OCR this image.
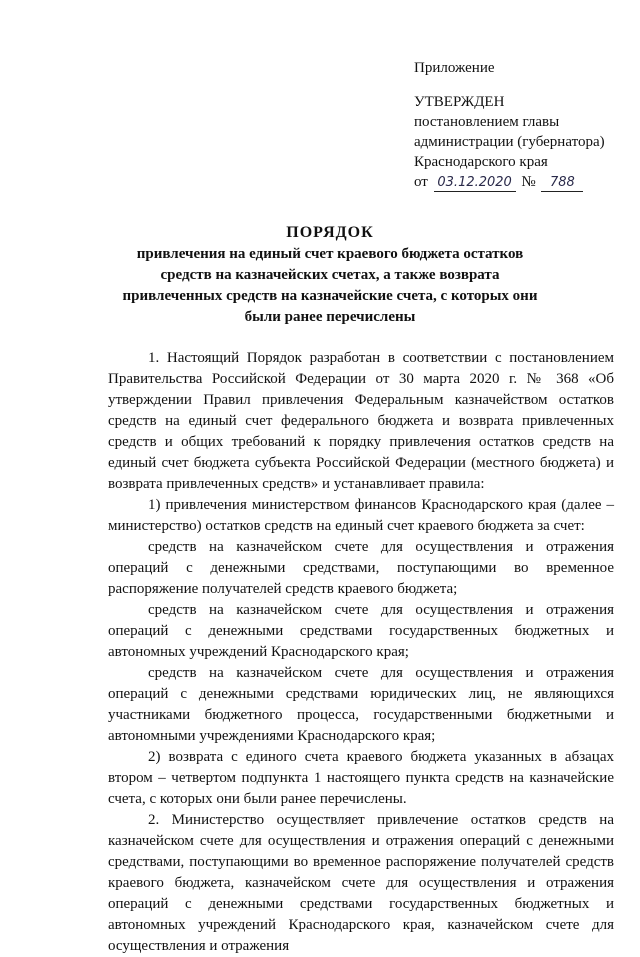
Приложение
УТВЕРЖДЕН
постановлением главы
администрации (губернатора)
Краснодарского края
от 03.12.2020 № 788
ПОРЯДОК
привлечения на единый счет краевого бюджета остатков средств на казначейских счетах, а также возврата привлеченных средств на казначейские счета, с которых они были ранее перечислены

1. Настоящий Порядок разработан в соответствии с постановлением Правительства Российской Федерации от 30 марта 2020 г. № 368 «Об утверждении Правил привлечения Федеральным казначейством остатков средств на единый счет федерального бюджета и возврата привлеченных средств и общих требований к порядку привлечения остатков средств на единый счет бюджета субъекта Российской Федерации (местного бюджета) и возврата привлеченных средств» и устанавливает правила:

1) привлечения министерством финансов Краснодарского края (далее – министерство) остатков средств на единый счет краевого бюджета за счет:

средств на казначейском счете для осуществления и отражения операций с денежными средствами, поступающими во временное распоряжение получателей средств краевого бюджета;

средств на казначейском счете для осуществления и отражения операций с денежными средствами государственных бюджетных и автономных учреждений Краснодарского края;

средств на казначейском счете для осуществления и отражения операций с денежными средствами юридических лиц, не являющихся участниками бюджетного процесса, государственными бюджетными и автономными учреждениями Краснодарского края;

2) возврата с единого счета краевого бюджета указанных в абзацах втором – четвертом подпункта 1 настоящего пункта средств на казначейские счета, с которых они были ранее перечислены.

2. Министерство осуществляет привлечение остатков средств на казначейском счете для осуществления и отражения операций с денежными средствами, поступающими во временное распоряжение получателей средств краевого бюджета, казначейском счете для осуществления и отражения операций с денежными средствами государственных бюджетных и автономных учреждений Краснодарского края, казначейском счете для осуществления и отражения
